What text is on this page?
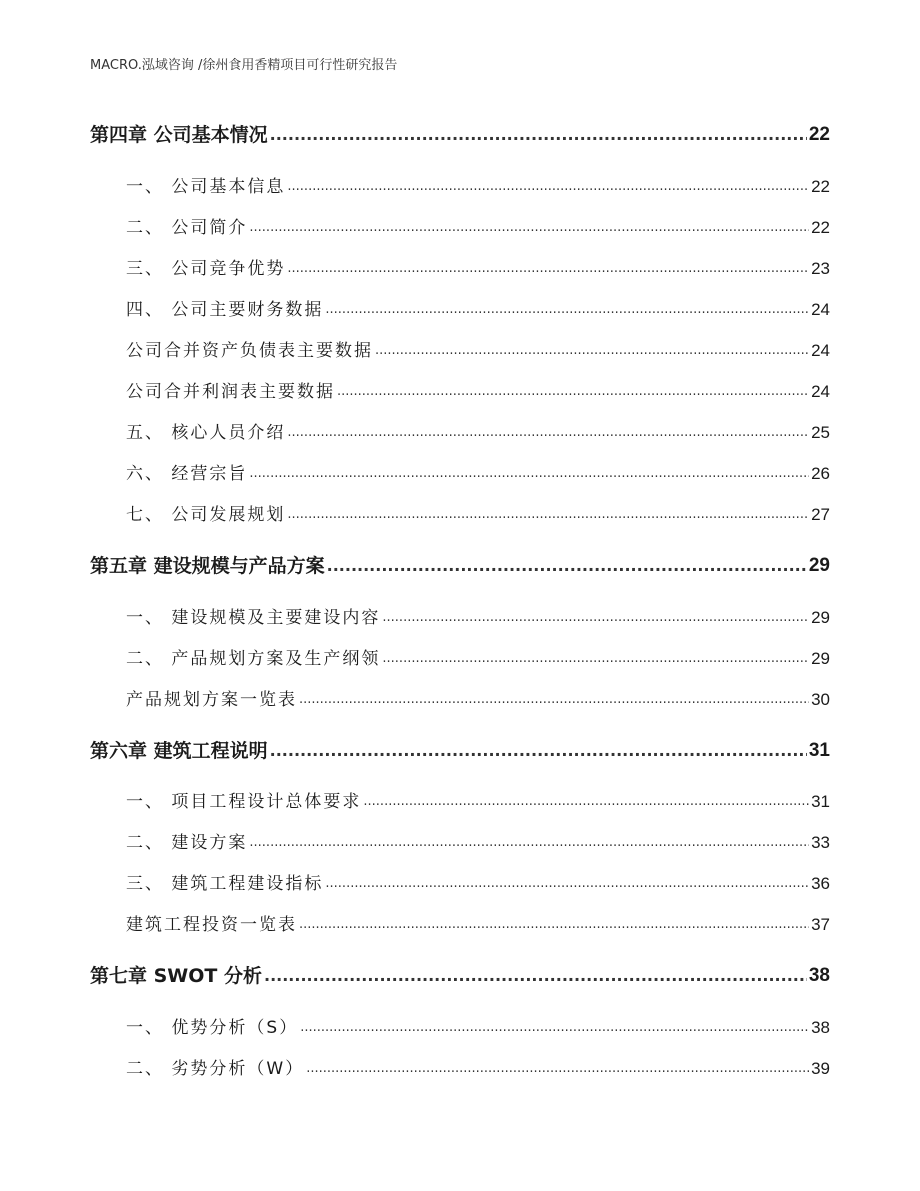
MACRO.泓域咨询 /徐州食用香精项目可行性研究报告
第四章 公司基本情况 .....	22
一、 公司基本信息 .....	22
二、 公司简介 .....	22
三、 公司竞争优势 .....	23
四、 公司主要财务数据 .....	24
公司合并资产负债表主要数据 .....	24
公司合并利润表主要数据 .....	24
五、 核心人员介绍 .....	25
六、 经营宗旨 .....	26
七、 公司发展规划 .....	27
第五章 建设规模与产品方案 .....	29
一、 建设规模及主要建设内容 .....	29
二、 产品规划方案及生产纲领 .....	29
产品规划方案一览表 .....	30
第六章 建筑工程说明 .....	31
一、 项目工程设计总体要求 .....	31
二、 建设方案 .....	33
三、 建筑工程建设指标 .....	36
建筑工程投资一览表 .....	37
第七章 SWOT 分析 .....	38
一、 优势分析（S） .....	38
二、 劣势分析（W） .....	39
